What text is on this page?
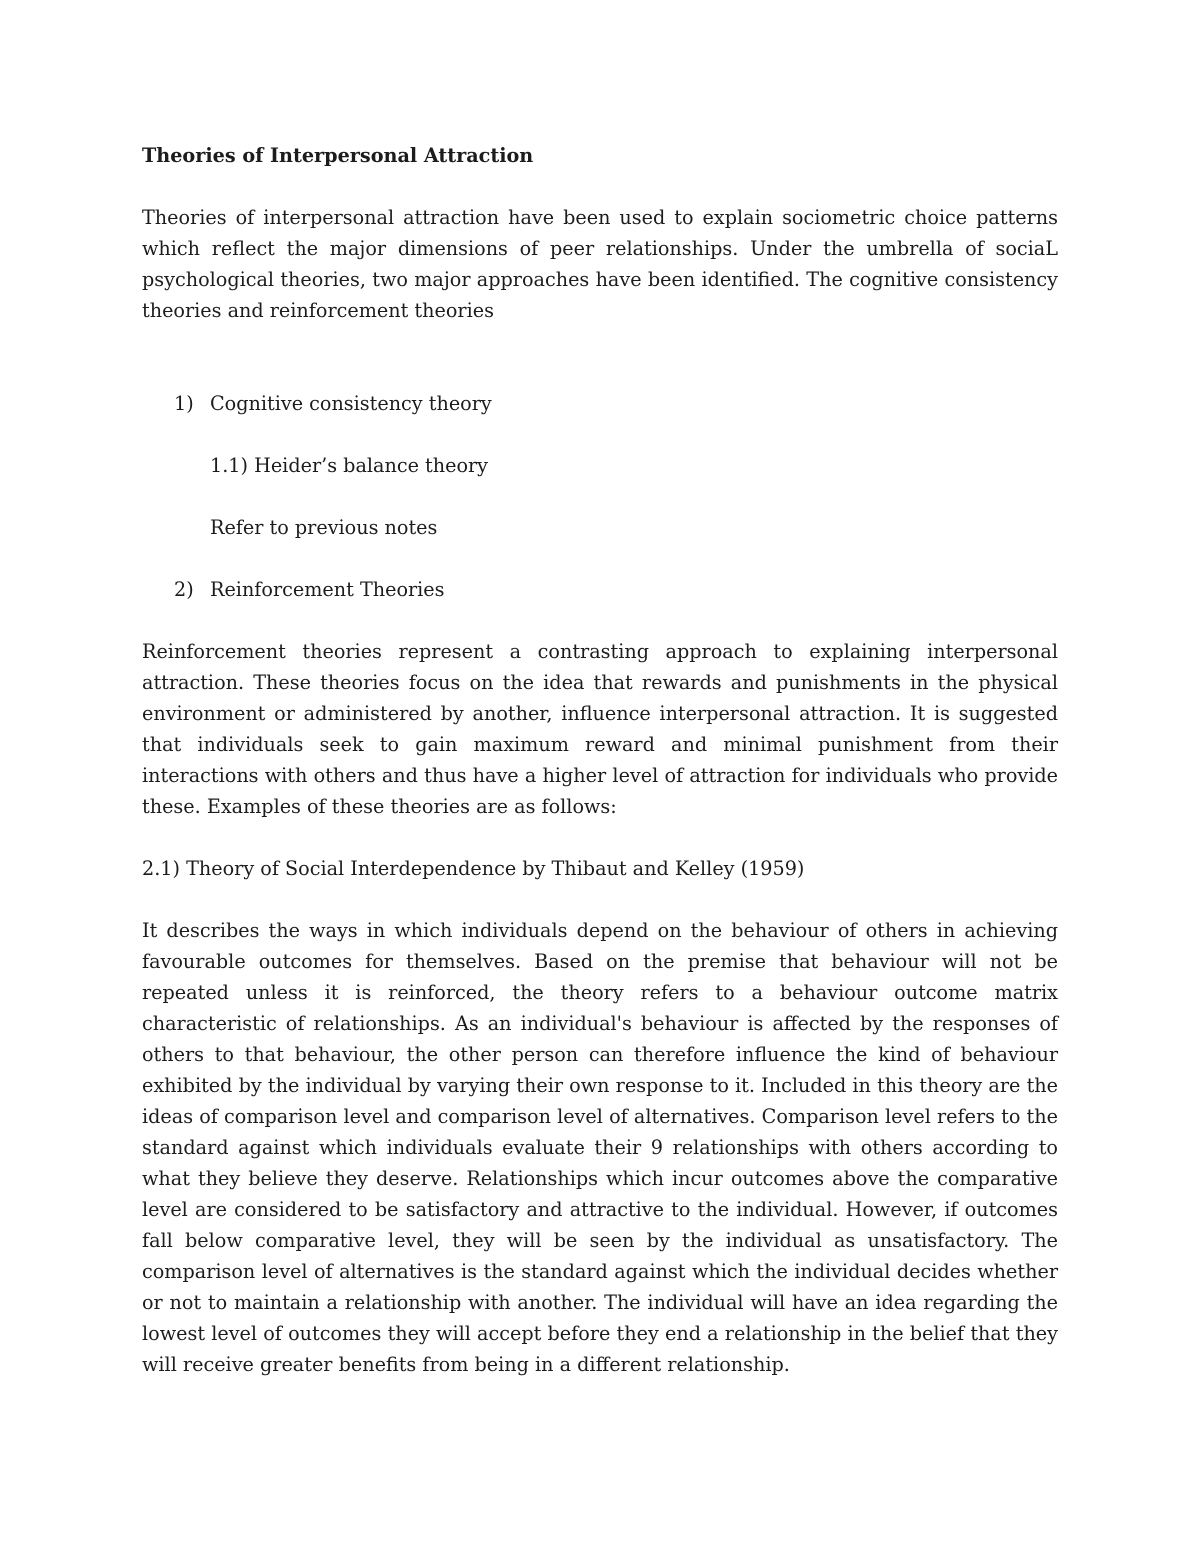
Theories of Interpersonal Attraction

Theories of interpersonal attraction have been used to explain sociometric choice patterns which reflect the major dimensions of peer relationships. Under the umbrella of sociaL psychological theories, two major approaches have been identified. The cognitive consistency theories and reinforcement theories

1) Cognitive consistency theory

1.1) Heider’s balance theory

Refer to previous notes

2) Reinforcement Theories

Reinforcement theories represent a contrasting approach to explaining interpersonal attraction. These theories focus on the idea that rewards and punishments in the physical environment or administered by another, influence interpersonal attraction. It is suggested that individuals seek to gain maximum reward and minimal punishment from their interactions with others and thus have a higher level of attraction for individuals who provide these. Examples of these theories are as follows:

2.1) Theory of Social Interdependence by Thibaut and Kelley (1959)

It describes the ways in which individuals depend on the behaviour of others in achieving favourable outcomes for themselves. Based on the premise that behaviour will not be repeated unless it is reinforced, the theory refers to a behaviour outcome matrix characteristic of relationships. As an individual's behaviour is affected by the responses of others to that behaviour, the other person can therefore influence the kind of behaviour exhibited by the individual by varying their own response to it. Included in this theory are the ideas of comparison level and comparison level of alternatives. Comparison level refers to the standard against which individuals evaluate their 9 relationships with others according to what they believe they deserve. Relationships which incur outcomes above the comparative level are considered to be satisfactory and attractive to the individual. However, if outcomes fall below comparative level, they will be seen by the individual as unsatisfactory. The comparison level of alternatives is the standard against which the individual decides whether or not to maintain a relationship with another. The individual will have an idea regarding the lowest level of outcomes they will accept before they end a relationship in the belief that they will receive greater benefits from being in a different relationship.
